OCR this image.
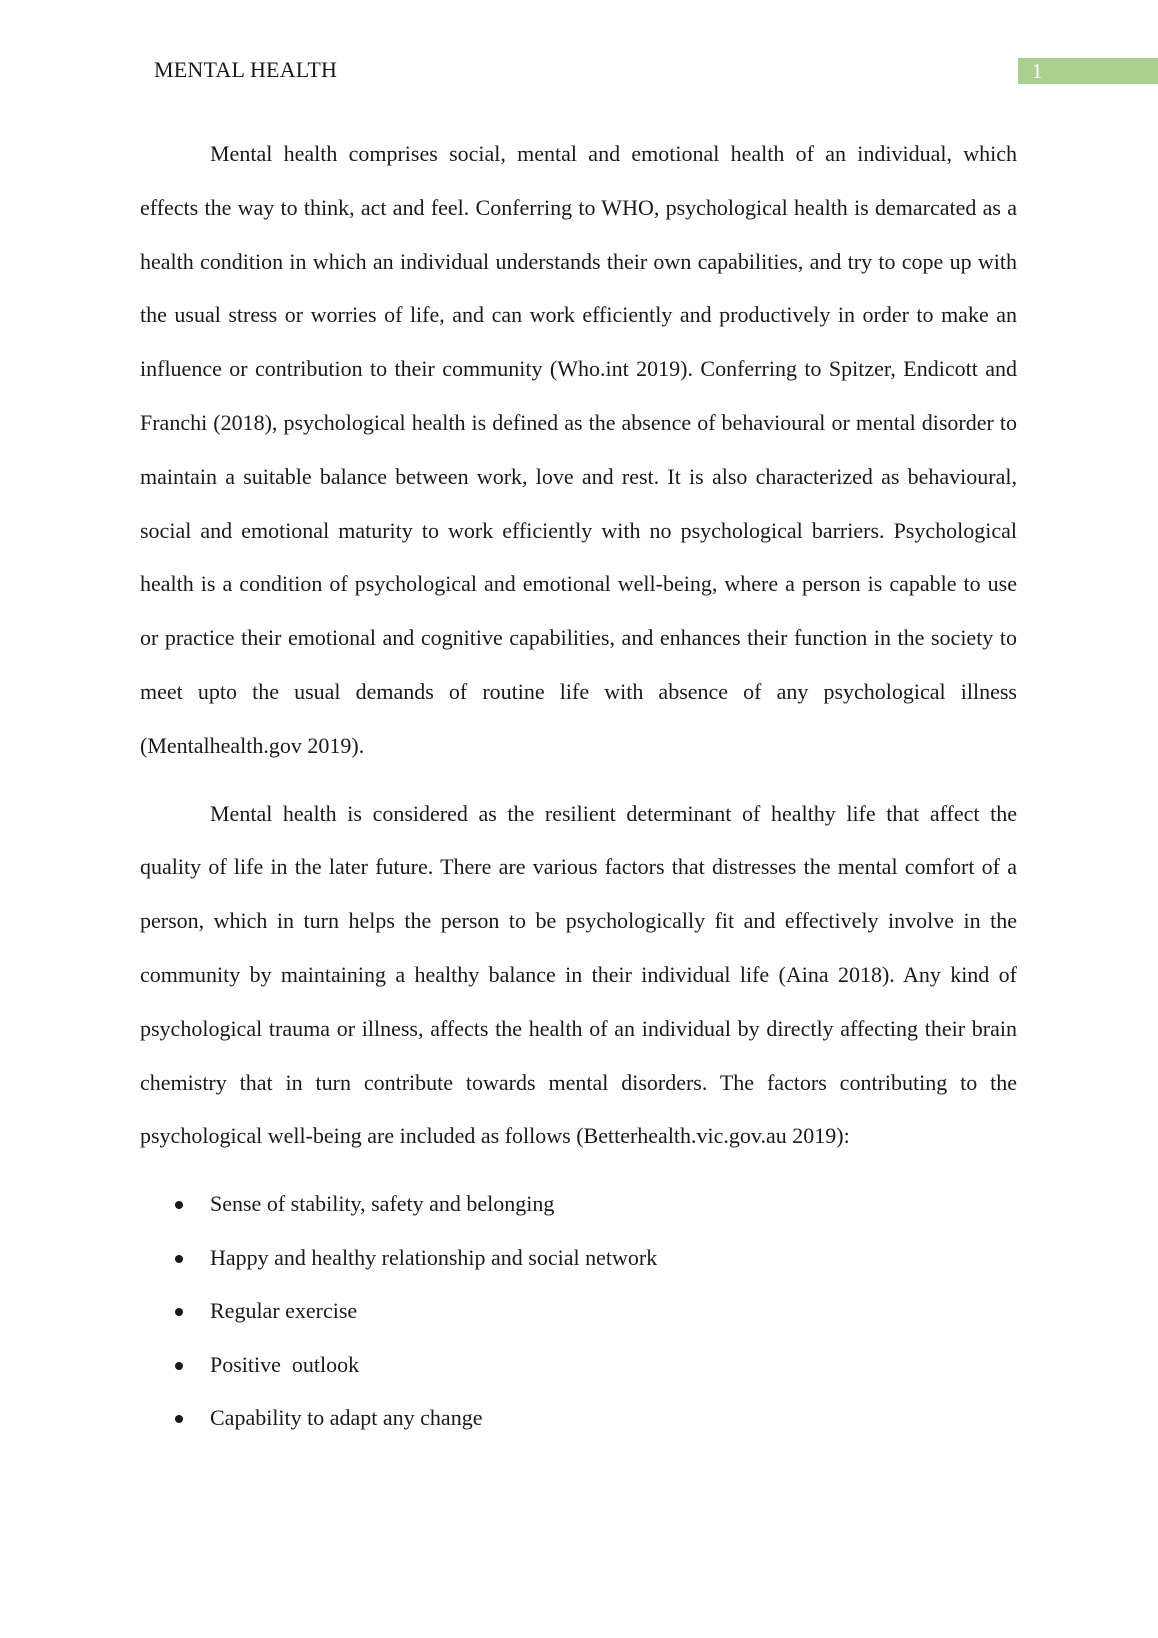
MENTAL HEALTH	1

Mental health comprises social, mental and emotional health of an individual, which effects the way to think, act and feel. Conferring to WHO, psychological health is demarcated as a health condition in which an individual understands their own capabilities, and try to cope up with the usual stress or worries of life, and can work efficiently and productively in order to make an influence or contribution to their community (Who.int 2019). Conferring to Spitzer, Endicott and Franchi (2018), psychological health is defined as the absence of behavioural or mental disorder to maintain a suitable balance between work, love and rest. It is also characterized as behavioural, social and emotional maturity to work efficiently with no psychological barriers. Psychological health is a condition of psychological and emotional well-being, where a person is capable to use or practice their emotional and cognitive capabilities, and enhances their function in the society to meet upto the usual demands of routine life with absence of any psychological illness (Mentalhealth.gov 2019).

Mental health is considered as the resilient determinant of healthy life that affect the quality of life in the later future. There are various factors that distresses the mental comfort of a person, which in turn helps the person to be psychologically fit and effectively involve in the community by maintaining a healthy balance in their individual life (Aina 2018). Any kind of psychological trauma or illness, affects the health of an individual by directly affecting their brain chemistry that in turn contribute towards mental disorders. The factors contributing to the psychological well-being are included as follows (Betterhealth.vic.gov.au 2019):

Sense of stability, safety and belonging
Happy and healthy relationship and social network
Regular exercise
Positive  outlook
Capability to adapt any change
